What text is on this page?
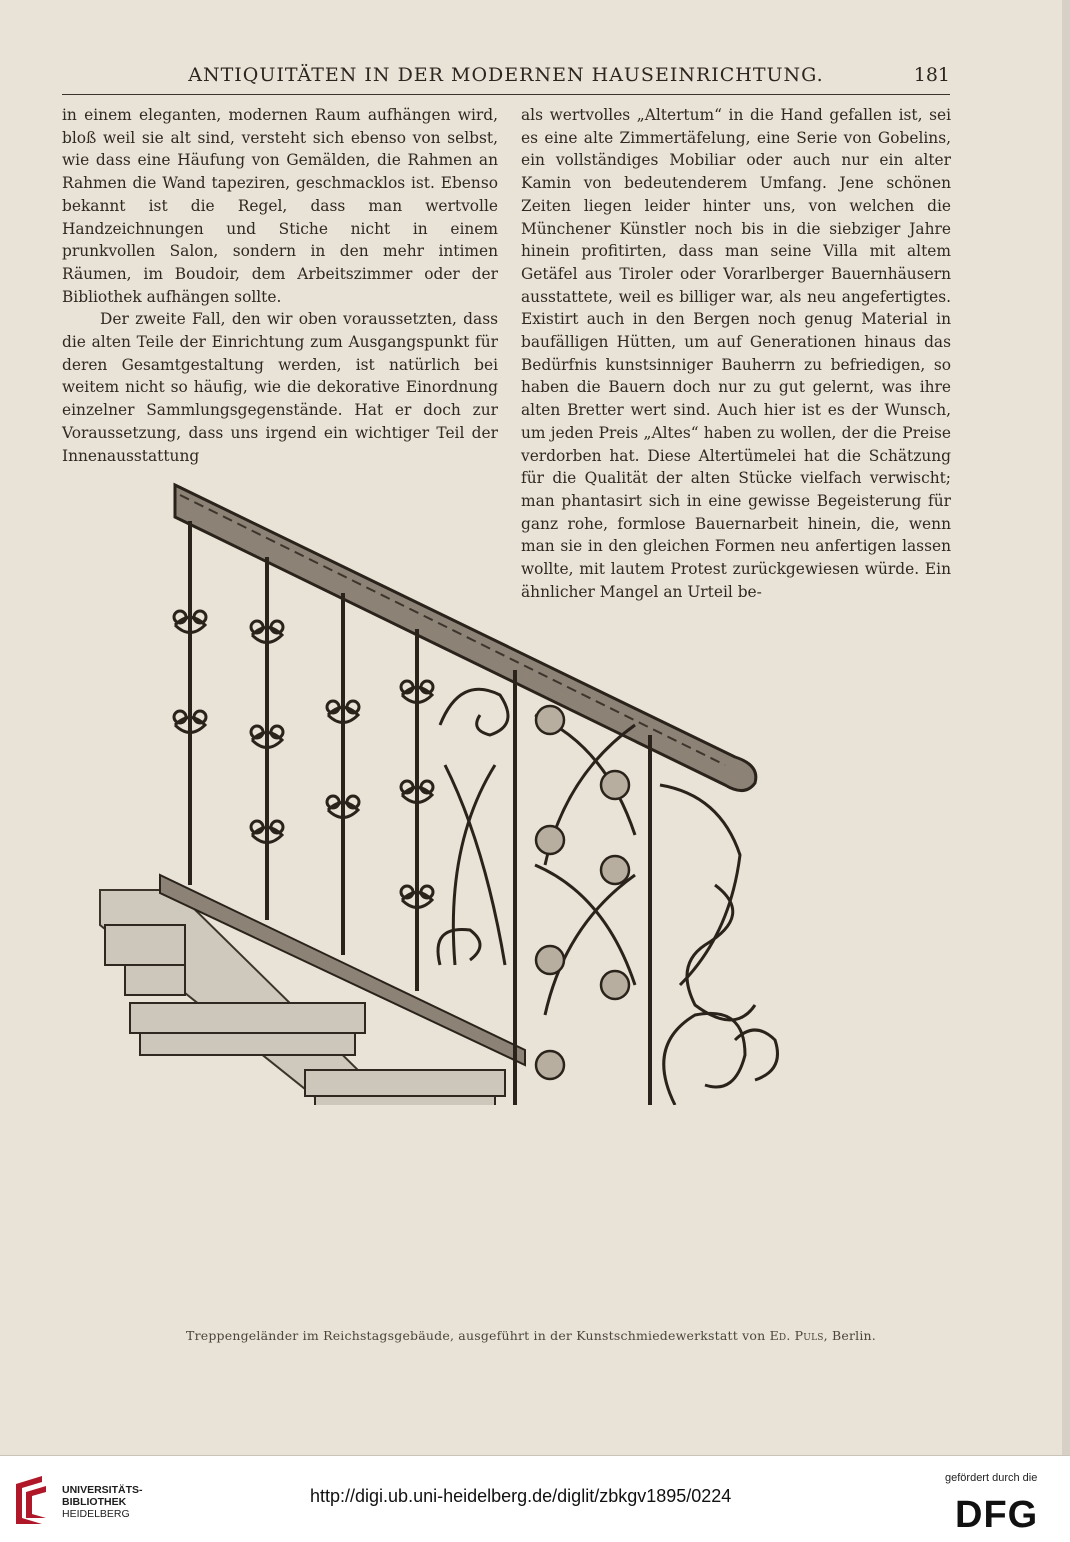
ANTIQUITÄTEN IN DER MODERNEN HAUSEINRICHTUNG.	181

in einem eleganten, modernen Raum aufhängen wird, bloß weil sie alt sind, versteht sich ebenso von selbst, wie dass eine Häufung von Gemälden, die Rahmen an Rahmen die Wand tapeziren, geschmacklos ist. Ebenso bekannt ist die Regel, dass man wertvolle Handzeichnungen und Stiche nicht in einem prunkvollen Salon, sondern in den mehr intimen Räumen, im Boudoir, dem Arbeitszimmer oder der Bibliothek aufhängen sollte.

Der zweite Fall, den wir oben voraussetzten, dass die alten Teile der Einrichtung zum Ausgangspunkt für deren Gesamtgestaltung werden, ist natürlich bei weitem nicht so häufig, wie die dekorative Einordnung einzelner Sammlungsgegenstände. Hat er doch zur Voraussetzung, dass uns irgend ein wichtiger Teil der Innenausstattung

als wertvolles „Altertum“ in die Hand gefallen ist, sei es eine alte Zimmertäfelung, eine Serie von Gobelins, ein vollständiges Mobiliar oder auch nur ein alter Kamin von bedeutenderem Umfang. Jene schönen Zeiten liegen leider hinter uns, von welchen die Münchener Künstler noch bis in die siebziger Jahre hinein profitirten, dass man seine Villa mit altem Getäfel aus Tiroler oder Vorarlberger Bauernhäusern ausstattete, weil es billiger war, als neu angefertigtes. Existirt auch in den Bergen noch genug Material in baufälligen Hütten, um auf Generationen hinaus das Bedürfnis kunstsinniger Bauherrn zu befriedigen, so haben die Bauern doch nur zu gut gelernt, was ihre alten Bretter wert sind. Auch hier ist es der Wunsch, um jeden Preis „Altes“ haben zu wollen, der die Preise verdorben hat. Diese Altertümelei hat die Schätzung für die Qualität der alten Stücke vielfach verwischt; man phantasirt sich in eine gewisse Begeisterung für ganz rohe, formlose Bauernarbeit hinein, die, wenn man sie in den gleichen Formen neu anfertigen lassen wollte, mit lautem Protest zurückgewiesen würde. Ein ähnlicher Mangel an Urteil be-

Treppengeländer im Reichstagsgebäude, ausgeführt in der Kunstschmiedewerkstatt von Ed. Puls, Berlin.
UNIVERSITÄTS-
BIBLIOTHEK
HEIDELBERG
http://digi.ub.uni-heidelberg.de/diglit/zbkgv1895/0224
gefördert durch die
DFG
